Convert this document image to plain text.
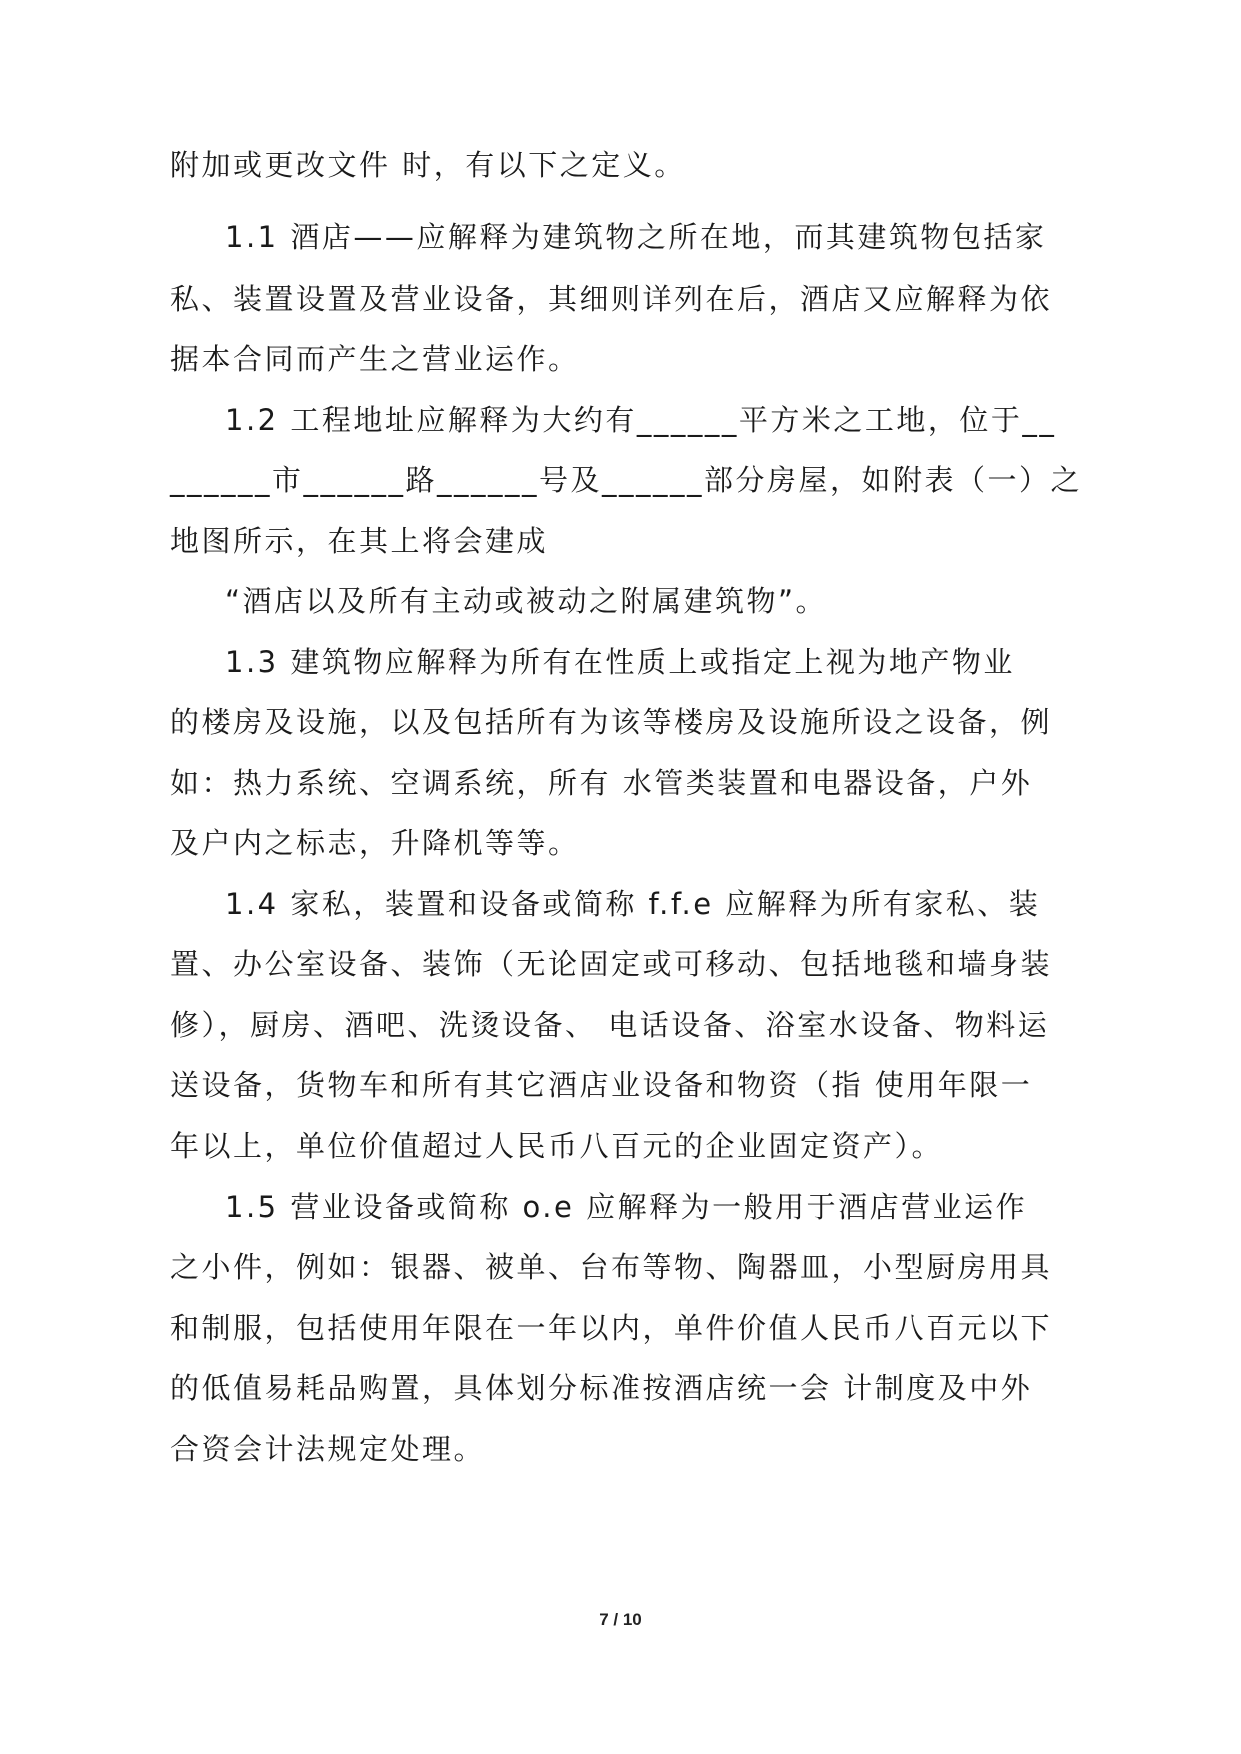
附加或更改文件 时，有以下之定义。
1.1 酒店——应解释为建筑物之所在地，而其建筑物包括家
私、装置设置及营业设备，其细则详列在后，酒店又应解释为依
据本合同而产生之营业运作。
1.2 工程地址应解释为大约有______平方米之工地，位于__
______市______路______号及______部分房屋，如附表（一）之
地图所示，在其上将会建成
“酒店以及所有主动或被动之附属建筑物”。
1.3 建筑物应解释为所有在性质上或指定上视为地产物业
的楼房及设施，以及包括所有为该等楼房及设施所设之设备，例
如：热力系统、空调系统，所有 水管类装置和电器设备，户外
及户内之标志，升降机等等。
1.4 家私，装置和设备或简称 f.f.e 应解释为所有家私、装
置、办公室设备、装饰（无论固定或可移动、包括地毯和墙身装
修），厨房、酒吧、洗烫设备、 电话设备、浴室水设备、物料运
送设备，货物车和所有其它酒店业设备和物资（指 使用年限一
年以上，单位价值超过人民币八百元的企业固定资产）。
1.5 营业设备或简称 o.e 应解释为一般用于酒店营业运作
之小件，例如：银器、被单、台布等物、陶器皿，小型厨房用具
和制服，包括使用年限在一年以内，单件价值人民币八百元以下
的低值易耗品购置，具体划分标准按酒店统一会 计制度及中外
合资会计法规定处理。
7 / 10
